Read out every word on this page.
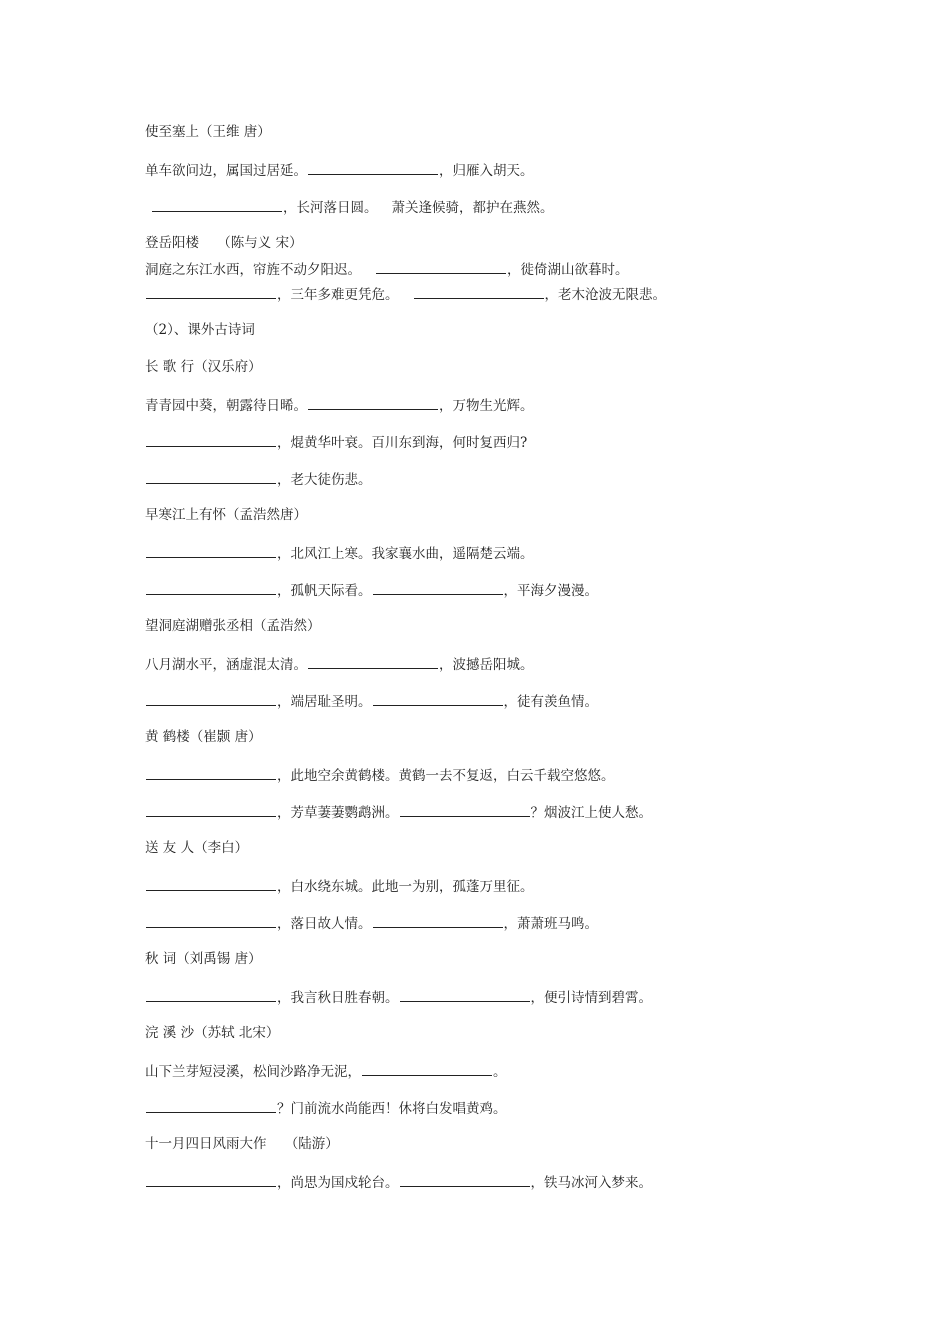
使至塞上（王维 唐）
单车欲问边，属国过居延。	，归雁入胡天。
，长河落日圆。 萧关逢候骑，都护在燕然。
登岳阳楼 （陈与义 宋）
洞庭之东江水西，帘旌不动夕阳迟。	，徙倚湖山欲暮时。
，三年多难更凭危。	，老木沧波无限悲。
（2）、课外古诗词
长 歌 行（汉乐府）
青青园中葵，朝露待日晞。	，万物生光辉。
，焜黄华叶衰。百川东到海，何时复西归?
，老大徒伤悲。
早寒江上有怀（孟浩然唐）
，北风江上寒。我家襄水曲，遥隔楚云端。
，孤帆天际看。	，平海夕漫漫。
望洞庭湖赠张丞相（孟浩然）
八月湖水平，涵虚混太清。	，波撼岳阳城。
，端居耻圣明。	，徒有羡鱼情。
黄 鹤楼（崔颢 唐）
，此地空余黄鹤楼。黄鹤一去不复返，白云千载空悠悠。
，芳草萋萋鹦鹉洲。	？烟波江上使人愁。
送 友 人（李白）
，白水绕东城。此地一为别，孤蓬万里征。
，落日故人情。	，萧萧班马鸣。
秋 词（刘禹锡 唐）
，我言秋日胜春朝。	，便引诗情到碧霄。
浣 溪 沙（苏轼 北宋）
山下兰芽短浸溪，松间沙路净无泥，	。
？门前流水尚能西！休将白发唱黄鸡。
十一月四日风雨大作 （陆游）
，尚思为国戍轮台。	，铁马冰河入梦来。
